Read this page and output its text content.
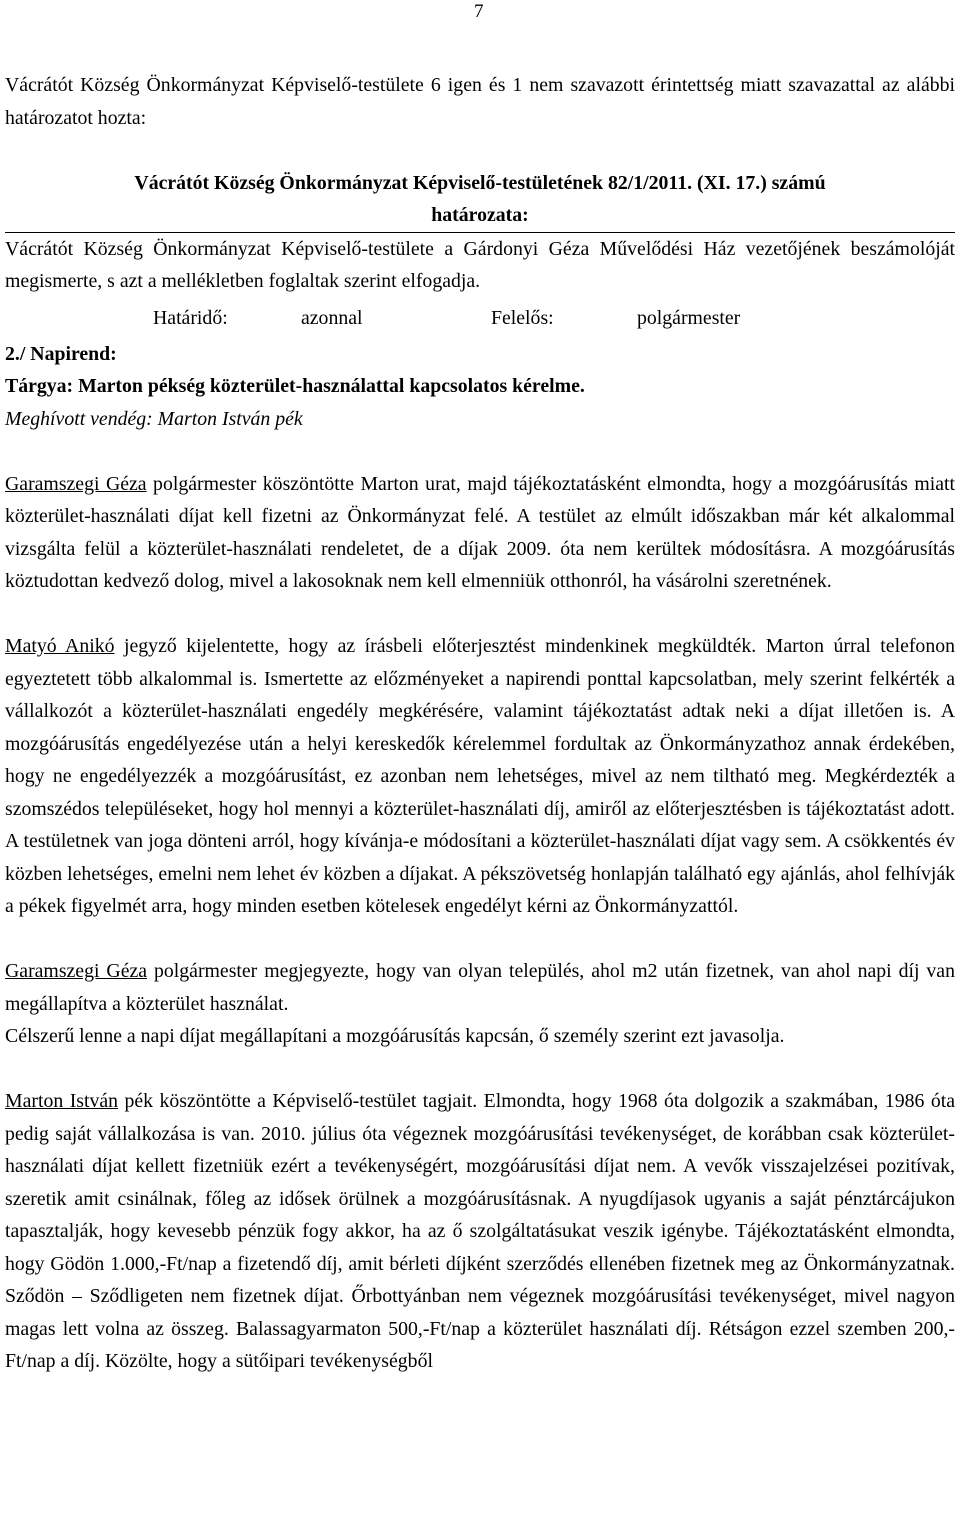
7

Vácrátót Község Önkormányzat Képviselő-testülete 6 igen és 1 nem szavazott érintettség miatt szavazattal az alábbi határozatot hozta:

Vácrátót Község Önkormányzat Képviselő-testületének 82/1/2011. (XI. 17.) számú

határozata:

Vácrátót Község Önkormányzat Képviselő-testülete a Gárdonyi Géza Művelődési Ház vezetőjének beszámolóját megismerte, s azt a mellékletben foglaltak szerint elfogadja.

Határidő:	azonnal	Felelős:	polgármester

2./ Napirend:

Tárgya: Marton pékség közterület-használattal kapcsolatos kérelme.

Meghívott vendég: Marton István pék

Garamszegi Géza polgármester köszöntötte Marton urat, majd tájékoztatásként elmondta, hogy a mozgóárusítás miatt közterület-használati díjat kell fizetni az Önkormányzat felé. A testület az elmúlt időszakban már két alkalommal vizsgálta felül a közterület-használati rendeletet, de a díjak 2009. óta nem kerültek módosításra. A mozgóárusítás köztudottan kedvező dolog, mivel a lakosoknak nem kell elmenniük otthonról, ha vásárolni szeretnének.

Matyó Anikó jegyző kijelentette, hogy az írásbeli előterjesztést mindenkinek megküldték. Marton úrral telefonon egyeztetett több alkalommal is. Ismertette az előzményeket a napirendi ponttal kapcsolatban, mely szerint felkérték a vállalkozót a közterület-használati engedély megkérésére, valamint tájékoztatást adtak neki a díjat illetően is. A mozgóárusítás engedélyezése után a helyi kereskedők kérelemmel fordultak az Önkormányzathoz annak érdekében, hogy ne engedélyezzék a mozgóárusítást, ez azonban nem lehetséges, mivel az nem tiltható meg. Megkérdezték a szomszédos településeket, hogy hol mennyi a közterület-használati díj, amiről az előterjesztésben is tájékoztatást adott. A testületnek van joga dönteni arról, hogy kívánja-e módosítani a közterület-használati díjat vagy sem. A csökkentés év közben lehetséges, emelni nem lehet év közben a díjakat. A pékszövetség honlapján található egy ajánlás, ahol felhívják a pékek figyelmét arra, hogy minden esetben kötelesek engedélyt kérni az Önkormányzattól.

Garamszegi Géza polgármester megjegyezte, hogy van olyan település, ahol m2 után fizetnek, van ahol napi díj van megállapítva a közterület használat.

Célszerű lenne a napi díjat megállapítani a mozgóárusítás kapcsán, ő személy szerint ezt javasolja.

Marton István pék köszöntötte a Képviselő-testület tagjait. Elmondta, hogy 1968 óta dolgozik a szakmában, 1986 óta pedig saját vállalkozása is van. 2010. július óta végeznek mozgóárusítási tevékenységet, de korábban csak közterület-használati díjat kellett fizetniük ezért a tevékenységért, mozgóárusítási díjat nem. A vevők visszajelzései pozitívak, szeretik amit csinálnak, főleg az idősek örülnek a mozgóárusításnak. A nyugdíjasok ugyanis a saját pénztárcájukon tapasztalják, hogy kevesebb pénzük fogy akkor, ha az ő szolgáltatásukat veszik igénybe. Tájékoztatásként elmondta, hogy Gödön 1.000,-Ft/nap a fizetendő díj, amit bérleti díjként szerződés ellenében fizetnek meg az Önkormányzatnak. Sződön – Sződligeten nem fizetnek díjat. Őrbottyánban nem végeznek mozgóárusítási tevékenységet, mivel nagyon magas lett volna az összeg. Balassagyarmaton 500,-Ft/nap a közterület használati díj. Rétságon ezzel szemben 200,-Ft/nap a díj. Közölte, hogy a sütőipari tevékenységből
